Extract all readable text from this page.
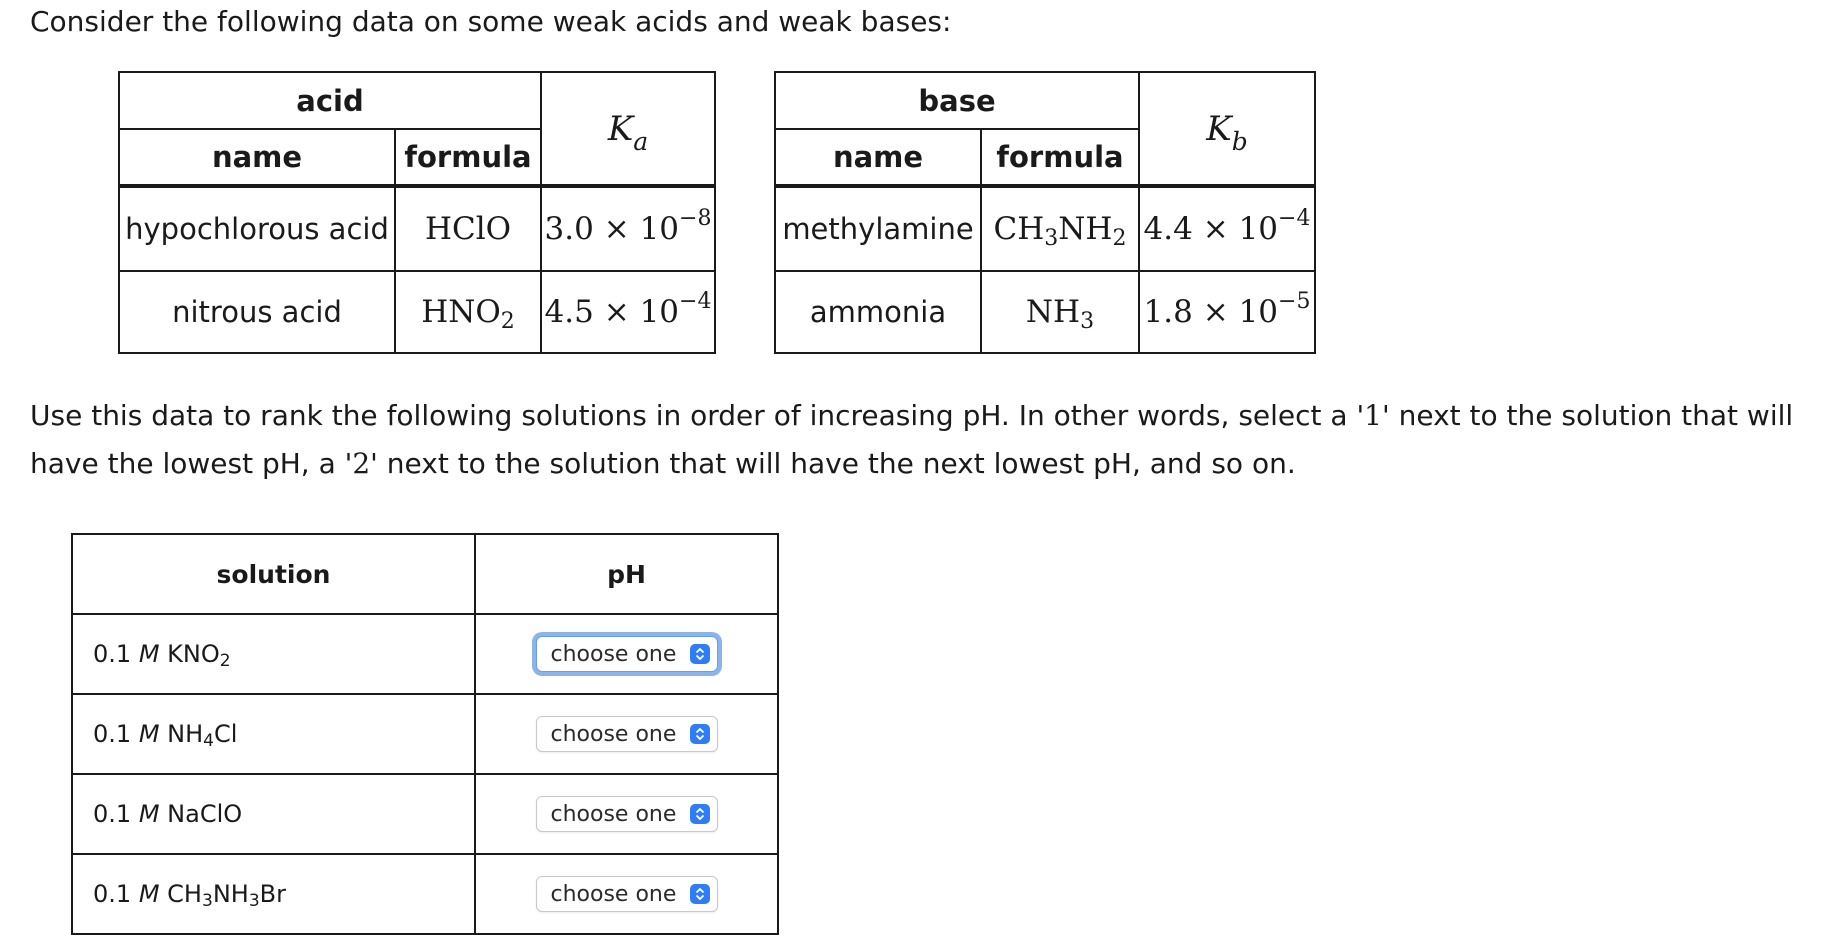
Consider the following data on some weak acids and weak bases:
acid		$K_a$
name	formula	
hypochlorous acid	HClO	$3.0 \times 10^{-8}$
nitrous acid	$HNO_2$	$4.5 \times 10^{-4}$
base		$K_b$
name	formula	
methylamine	$CH_3NH_2$	$4.4 \times 10^{-4}$
ammonia	$NH_3$	$1.8 \times 10^{-5}$
Use this data to rank the following solutions in order of increasing pH. In other words, select a '1' next to the solution that will have the lowest pH, a '2' next to the solution that will have the next lowest pH, and so on.
solution	pH
0.1 M $KNO_2$	choose one

0.1 M $NH_4Cl$	choose one

0.1 M NaClO	choose one

0.1 M $CH_3NH_3Br$	choose one
